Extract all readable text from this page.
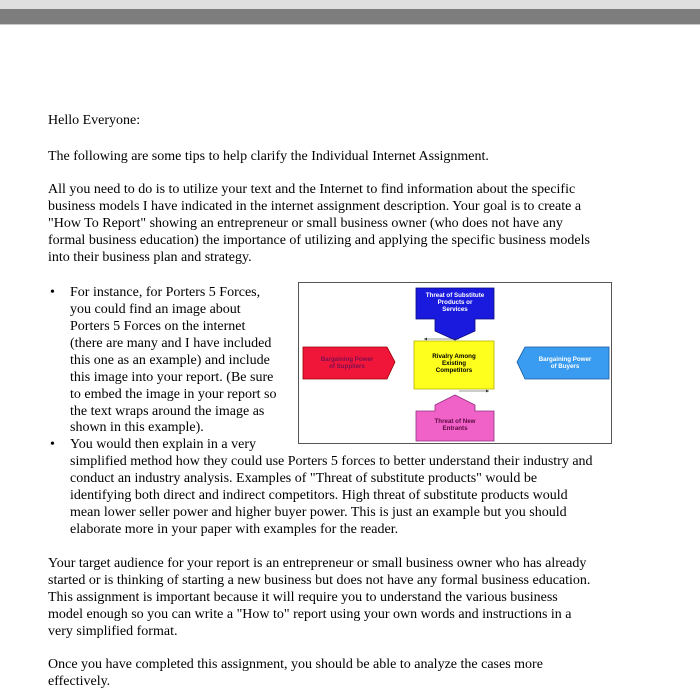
Hello Everyone:
The following are some tips to help clarify the Individual Internet Assignment.
All you need to do is to utilize your text and the Internet to find information about the specific
business models I have indicated in the internet assignment description. Your goal is to create a
"How To Report" showing an entrepreneur or small business owner (who does not have any
formal business education) the importance of utilizing and applying the specific business models
into their business plan and strategy.
• For instance, for Porters 5 Forces,
you could find an image about
Porters 5 Forces on the internet
(there are many and I have included
this one as an example) and include
this image into your report. (Be sure
to embed the image in your report so
the text wraps around the image as
shown in this example).
• You would then explain in a very
simplified method how they could use Porters 5 forces to better understand their industry and
conduct an industry analysis. Examples of "Threat of substitute products" would be
identifying both direct and indirect competitors. High threat of substitute products would
mean lower seller power and higher buyer power. This is just an example but you should
elaborate more in your paper with examples for the reader.
Threat of Substitute
Products or
Services
Bargaining Power
of Suppliers
Rivalry Among
Existing
Competitors
Bargaining Power
of Buyers
Threat of New
Entrants
Your target audience for your report is an entrepreneur or small business owner who has already
started or is thinking of starting a new business but does not have any formal business education.
This assignment is important because it will require you to understand the various business
model enough so you can write a "How to" report using your own words and instructions in a
very simplified format.
Once you have completed this assignment, you should be able to analyze the cases more
effectively.
